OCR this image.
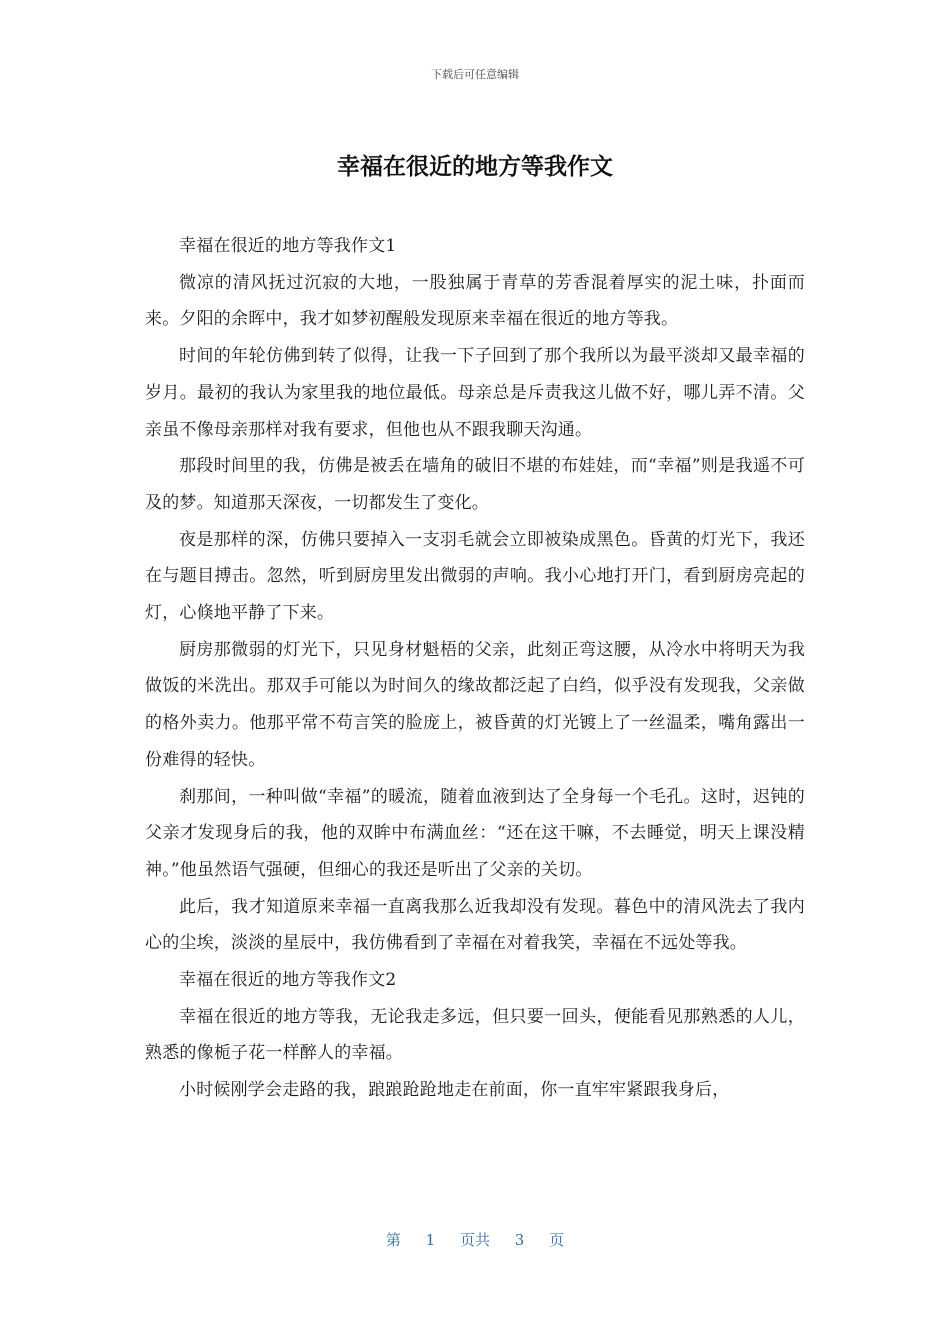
下载后可任意编辑
幸福在很近的地方等我作文

幸福在很近的地方等我作文1

微凉的清风抚过沉寂的大地，一股独属于青草的芳香混着厚实的泥土味，扑面而来。夕阳的余晖中，我才如梦初醒般发现原来幸福在很近的地方等我。

时间的年轮仿佛到转了似得，让我一下子回到了那个我所以为最平淡却又最幸福的岁月。最初的我认为家里我的地位最低。母亲总是斥责我这儿做不好，哪儿弄不清。父亲虽不像母亲那样对我有要求，但他也从不跟我聊天沟通。

那段时间里的我，仿佛是被丢在墙角的破旧不堪的布娃娃，而“幸福”则是我遥不可及的梦。知道那天深夜，一切都发生了变化。

夜是那样的深，仿佛只要掉入一支羽毛就会立即被染成黑色。昏黄的灯光下，我还在与题目搏击。忽然，听到厨房里发出微弱的声响。我小心地打开门，看到厨房亮起的灯，心倏地平静了下来。

厨房那微弱的灯光下，只见身材魁梧的父亲，此刻正弯这腰，从冷水中将明天为我做饭的米洗出。那双手可能以为时间久的缘故都泛起了白绉，似乎没有发现我，父亲做的格外卖力。他那平常不苟言笑的脸庞上，被昏黄的灯光镀上了一丝温柔，嘴角露出一份难得的轻快。

刹那间，一种叫做“幸福”的暖流，随着血液到达了全身每一个毛孔。这时，迟钝的父亲才发现身后的我，他的双眸中布满血丝：“还在这干嘛，不去睡觉，明天上课没精神。”他虽然语气强硬，但细心的我还是听出了父亲的关切。

此后，我才知道原来幸福一直离我那么近我却没有发现。暮色中的清风洗去了我内心的尘埃，淡淡的星辰中，我仿佛看到了幸福在对着我笑，幸福在不远处等我。

幸福在很近的地方等我作文2

幸福在很近的地方等我，无论我走多远，但只要一回头，便能看见那熟悉的人儿，熟悉的像栀子花一样醉人的幸福。

小时候刚学会走路的我，踉踉跄跄地走在前面，你一直牢牢紧跟我身后，

第 1 页共 3 页
